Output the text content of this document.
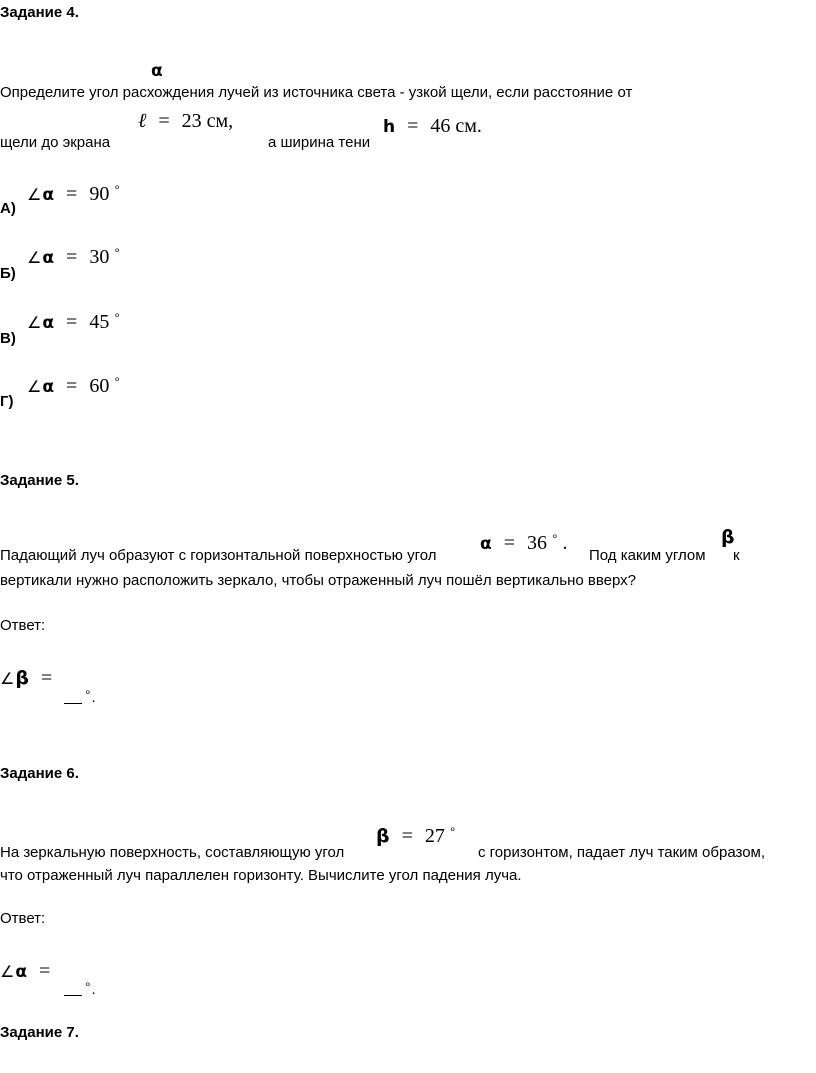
Задание 4.
α
Определите угол расхождения лучей из источника света - узкой щели, если расстояние от
ℓ = 23 см,
щели до экрана	а ширина тени
h = 46 см.
∠α = 90 ∘
А)
∠α = 30 ∘
Б)
∠α = 45 ∘
В)
∠α = 60 ∘
Г)
Задание 5.
Падающий луч образуют с горизонтальной поверхностью угол
α = 36 ∘ .
Под каким углом
β
к
вертикали нужно расположить зеркало, чтобы отраженный луч пошёл вертикально вверх?
Ответ:
∠β =
∘.
Задание 6.
На зеркальную поверхность, составляющую угол
β = 27 ∘
с горизонтом, падает луч таким образом,
что отраженный луч параллелен горизонту. Вычислите угол падения луча.
Ответ:
∠α =
∘.
Задание 7.
